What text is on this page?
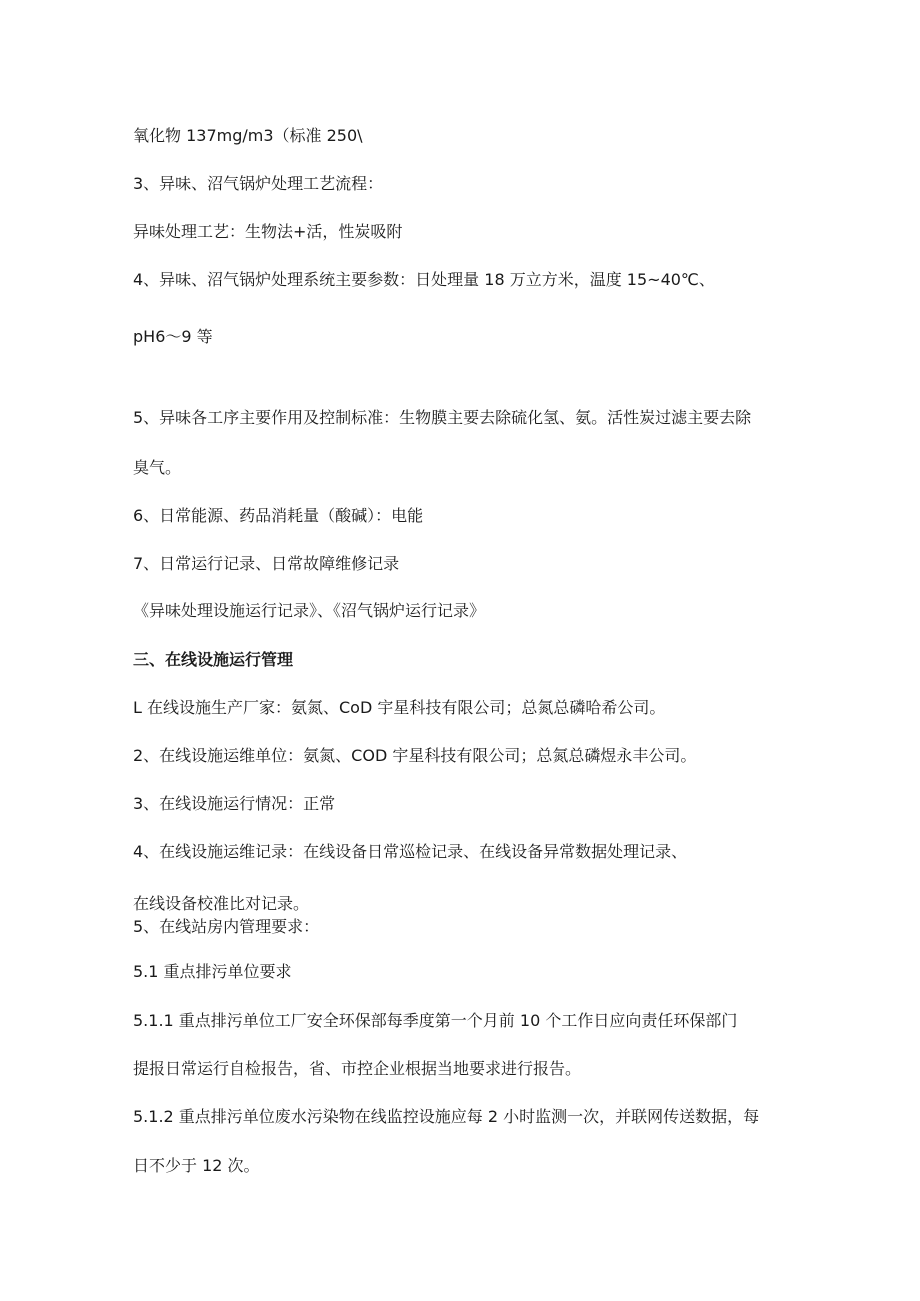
氧化物 137mg∕m3（标准 250\
3、异味、沼气锅炉处理工艺流程：
异味处理工艺：生物法+活，性炭吸附
4、异味、沼气锅炉处理系统主要参数：日处理量 18 万立方米，温度 15~40℃、
pH6～9 等
5、异味各工序主要作用及控制标准：生物膜主要去除硫化氢、氨。活性炭过滤主要去除
臭气。
6、日常能源、药品消耗量（酸碱）：电能
7、日常运行记录、日常故障维修记录
《异味处理设施运行记录》、《沼气锅炉运行记录》
三、在线设施运行管理
L 在线设施生产厂家：氨氮、CoD 宇星科技有限公司；总氮总磷哈希公司。
2、在线设施运维单位：氨氮、COD 宇星科技有限公司；总氮总磷煜永丰公司。
3、在线设施运行情况：正常
4、在线设施运维记录：在线设备日常巡检记录、在线设备异常数据处理记录、
在线设备校准比对记录。
5、在线站房内管理要求：
5.1 重点排污单位要求
5.1.1 重点排污单位工厂安全环保部每季度第一个月前 10 个工作日应向责任环保部门
提报日常运行自检报告，省、市控企业根据当地要求进行报告。
5.1.2 重点排污单位废水污染物在线监控设施应每 2 小时监测一次，并联网传送数据，每
日不少于 12 次。
